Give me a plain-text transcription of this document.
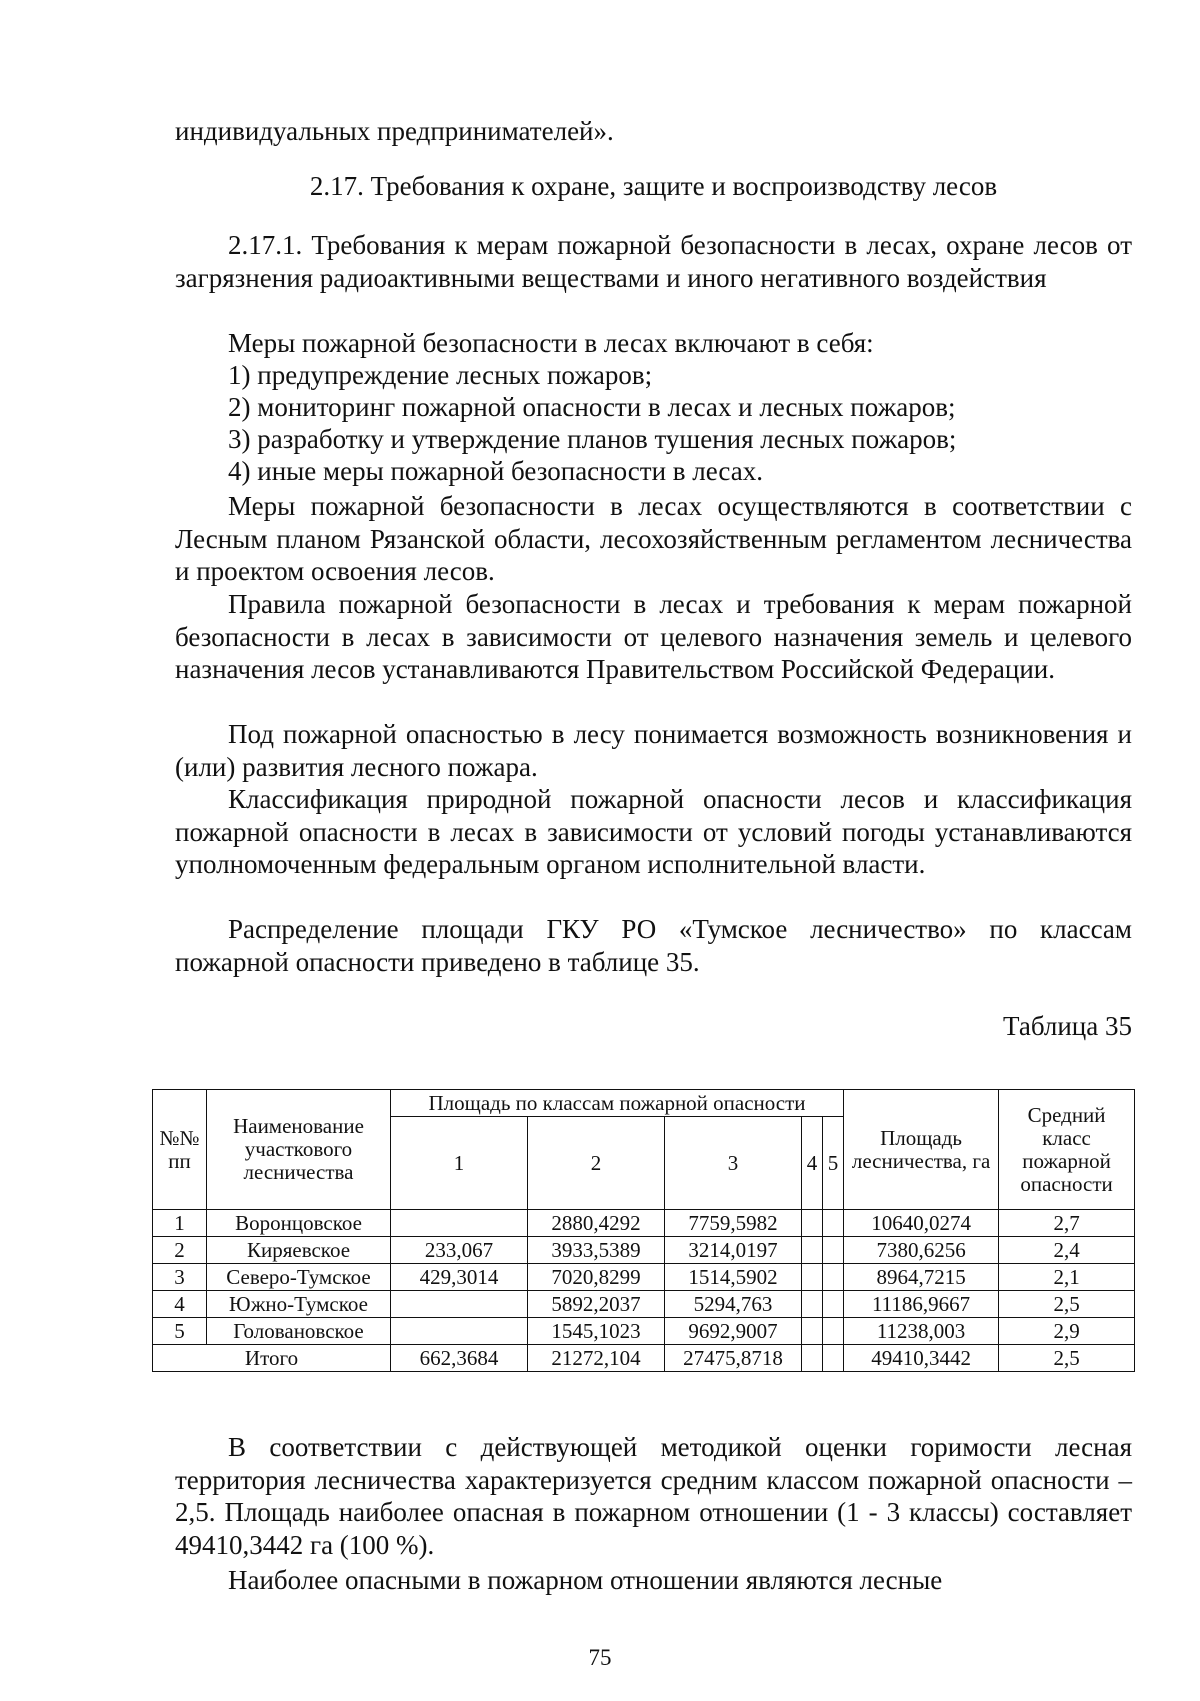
индивидуальных предпринимателей».

2.17. Требования к охране, защите и воспроизводству лесов

2.17.1. Требования к мерам пожарной безопасности в лесах, охране лесов от загрязнения радиоактивными веществами и иного негативного воздействия

Меры пожарной безопасности в лесах включают в себя:

1) предупреждение лесных пожаров;

2) мониторинг пожарной опасности в лесах и лесных пожаров;

3) разработку и утверждение планов тушения лесных пожаров;

4) иные меры пожарной безопасности в лесах.

Меры пожарной безопасности в лесах осуществляются в соответствии с Лесным планом Рязанской области, лесохозяйственным регламентом лесничества и проектом освоения лесов.

Правила пожарной безопасности в лесах и требования к мерам пожарной безопасности в лесах в зависимости от целевого назначения земель и целевого назначения лесов устанавливаются Правительством Российской Федерации.

Под пожарной опасностью в лесу понимается возможность возникновения и (или) развития лесного пожара.

Классификация природной пожарной опасности лесов и классификация пожарной опасности в лесах в зависимости от условий погоды устанавливаются уполномоченным федеральным органом исполнительной власти.

Распределение площади ГКУ РО «Тумское лесничество» по классам пожарной опасности приведено в таблице 35.

Таблица 35

№№ пп	Наименование участкового лесничества	Площадь по классам пожарной опасности					Площадь лесничества, га	Средний класс пожарной опасности
		1	2	3	4	5		
1	Воронцовское		2880,4292	7759,5982			10640,0274	2,7
2	Киряевское	233,067	3933,5389	3214,0197			7380,6256	2,4
3	Северо-Тумское	429,3014	7020,8299	1514,5902			8964,7215	2,1
4	Южно-Тумское		5892,2037	5294,763			11186,9667	2,5
5	Головановское		1545,1023	9692,9007			11238,003	2,9
Итого		662,3684	21272,104	27475,8718			49410,3442	2,5

В соответствии с действующей методикой оценки горимости лесная территория лесничества характеризуется средним классом пожарной опасности – 2,5. Площадь наиболее опасная в пожарном отношении (1 - 3 классы) составляет 49410,3442 га (100 %).

Наиболее опасными в пожарном отношении являются лесные

75
